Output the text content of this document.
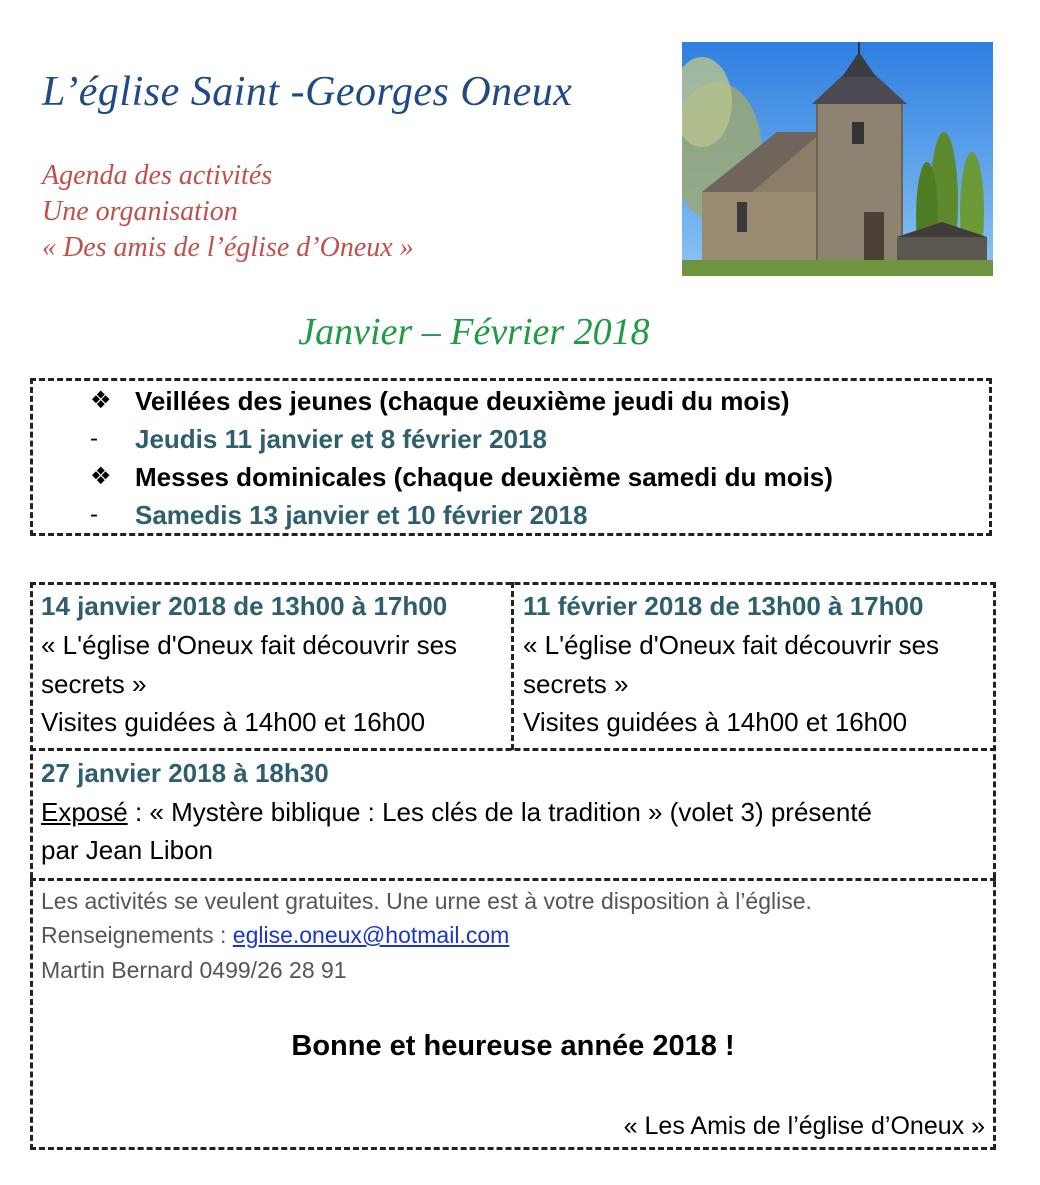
L’église Saint -Georges Oneux
Agenda des activités
Une organisation
« Des amis de l’église d’Oneux »
Janvier – Février 2018
❖ Veillées des jeunes (chaque deuxième jeudi du mois)
- Jeudis 11 janvier et 8 février 2018
❖ Messes dominicales (chaque deuxième samedi du mois)
- Samedis 13 janvier et 10 février 2018
14 janvier 2018 de 13h00 à 17h00
« L'église d'Oneux fait découvrir ses
secrets »
Visites guidées à 14h00 et 16h00
11 février 2018 de 13h00 à 17h00
« L'église d'Oneux fait découvrir ses
secrets »
Visites guidées à 14h00 et 16h00
27 janvier 2018 à 18h30
Exposé : « Mystère biblique : Les clés de la tradition » (volet 3) présenté
par Jean Libon
Les activités se veulent gratuites. Une urne est à votre disposition à l’église.
Renseignements : eglise.oneux@hotmail.com
Martin Bernard 0499/26 28 91
Bonne et heureuse année 2018 !
« Les Amis de l’église d’Oneux »
